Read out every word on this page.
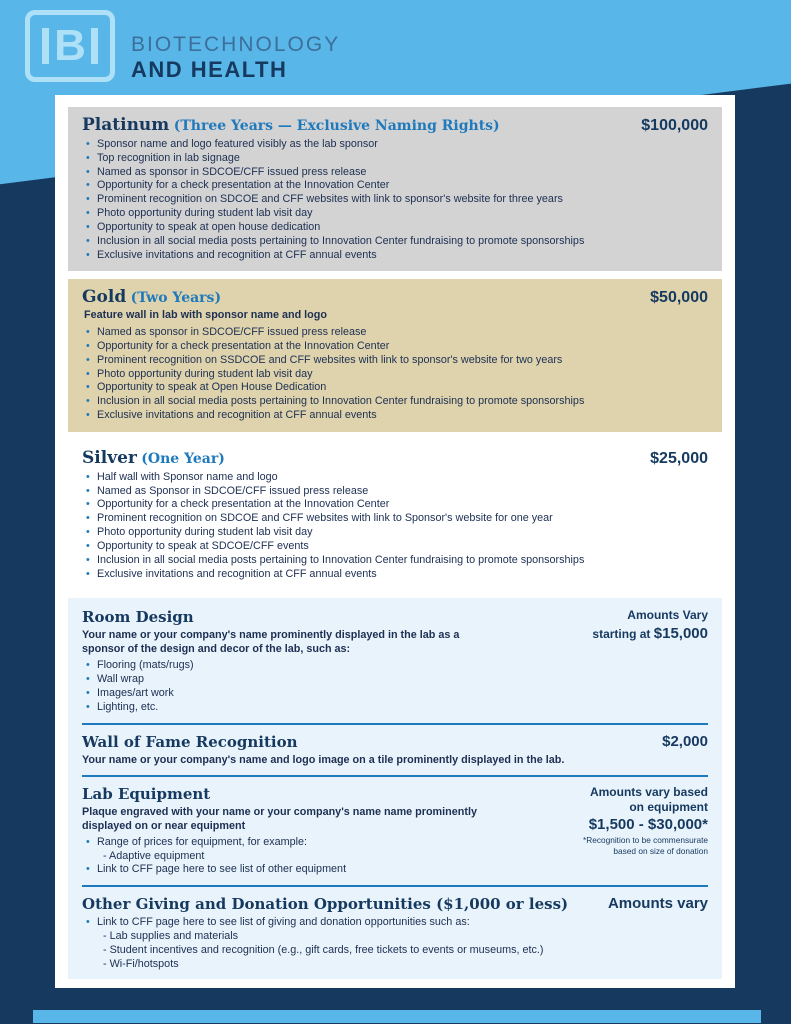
B BIOTECHNOLOGY
AND HEALTH
Platinum (Three Years — Exclusive Naming Rights)	$100,000
• Sponsor name and logo featured visibly as the lab sponsor
• Top recognition in lab signage
• Named as sponsor in SDCOE/CFF issued press release
• Opportunity for a check presentation at the Innovation Center
• Prominent recognition on SDCOE and CFF websites with link to sponsor's website for three years
• Photo opportunity during student lab visit day
• Opportunity to speak at open house dedication
• Inclusion in all social media posts pertaining to Innovation Center fundraising to promote sponsorships
• Exclusive invitations and recognition at CFF annual events
Gold (Two Years)	$50,000
Feature wall in lab with sponsor name and logo
• Named as sponsor in SDCOE/CFF issued press release
• Opportunity for a check presentation at the Innovation Center
• Prominent recognition on SSDCOE and CFF websites with link to sponsor's website for two years
• Photo opportunity during student lab visit day
• Opportunity to speak at Open House Dedication
• Inclusion in all social media posts pertaining to Innovation Center fundraising to promote sponsorships
• Exclusive invitations and recognition at CFF annual events
Silver (One Year)	$25,000
• Half wall with Sponsor name and logo
• Named as Sponsor in SDCOE/CFF issued press release
• Opportunity for a check presentation at the Innovation Center
• Prominent recognition on SDCOE and CFF websites with link to Sponsor's website for one year
• Photo opportunity during student lab visit day
• Opportunity to speak at SDCOE/CFF events
• Inclusion in all social media posts pertaining to Innovation Center fundraising to promote sponsorships
• Exclusive invitations and recognition at CFF annual events
Room Design
Your name or your company's name prominently displayed in the lab as a sponsor of the design and decor of the lab, such as:
• Flooring (mats/rugs)
• Wall wrap
• Images/art work
• Lighting, etc.
Amounts Vary
starting at $15,000
Wall of Fame Recognition	$2,000
Your name or your company's name and logo image on a tile prominently displayed in the lab.
Lab Equipment
Plaque engraved with your name or your company's name name prominently displayed on or near equipment
• Range of prices for equipment, for example:
- Adaptive equipment
• Link to CFF page here to see list of other equipment
Amounts vary based
on equipment
$1,500 - $30,000*
*Recognition to be commensurate
based on size of donation
Other Giving and Donation Opportunities ($1,000 or less)	Amounts vary
• Link to CFF page here to see list of giving and donation opportunities such as:
- Lab supplies and materials
- Student incentives and recognition (e.g., gift cards, free tickets to events or museums, etc.)
- Wi-Fi/hotspots
